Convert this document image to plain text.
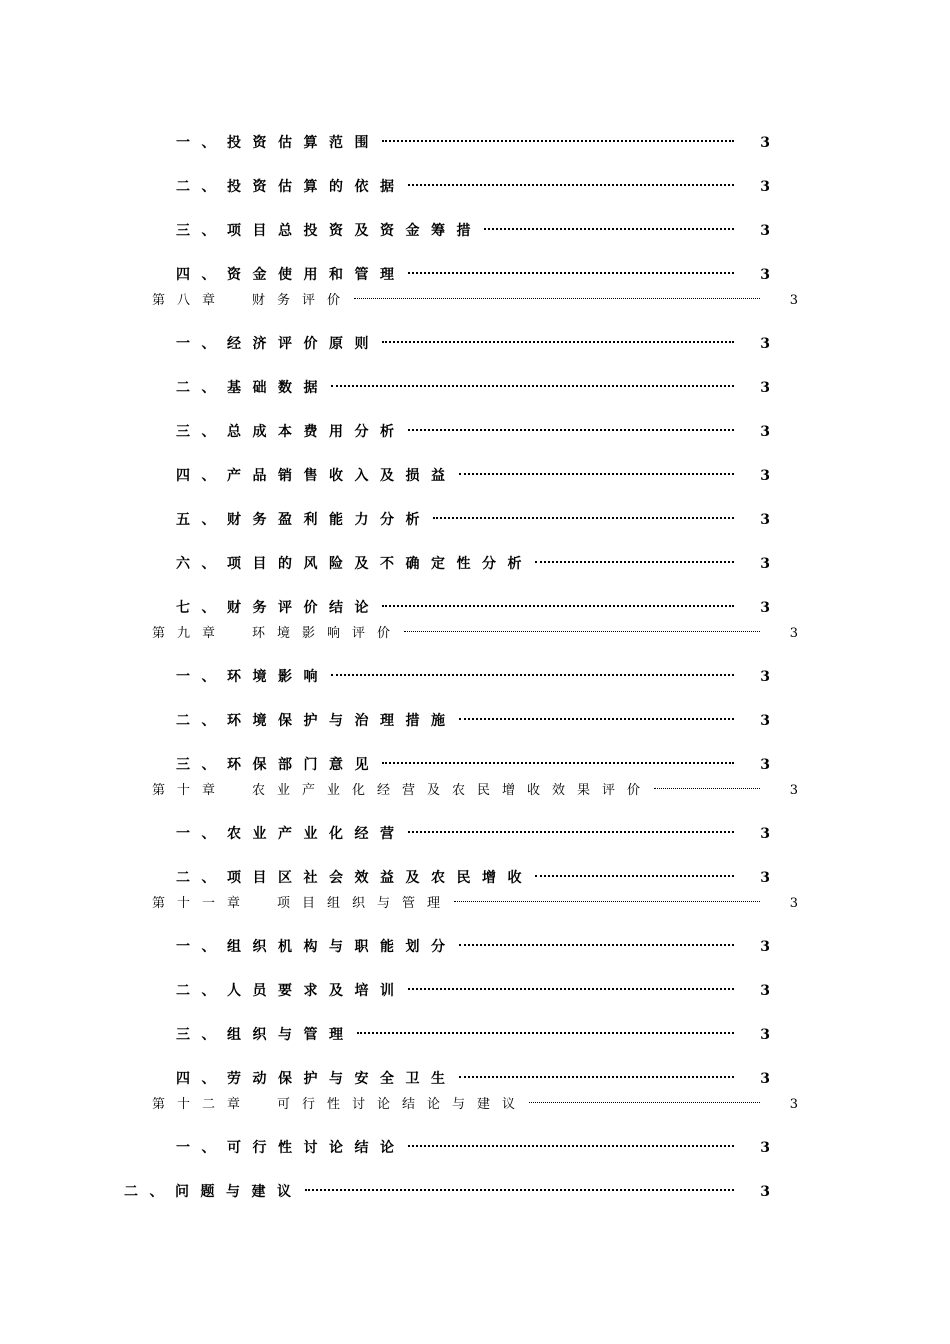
一、投资估算范围	3
二、投资估算的依据	3
三、项目总投资及资金筹措	3
四、资金使用和管理	3
第八章　财务评价	3
一、经济评价原则	3
二、基础数据	3
三、总成本费用分析	3
四、产品销售收入及损益	3
五、财务盈利能力分析	3
六、项目的风险及不确定性分析	3
七、财务评价结论	3
第九章　环境影响评价	3
一、环境影响	3
二、环境保护与治理措施	3
三、环保部门意见	3
第十章　农业产业化经营及农民增收效果评价	3
一、农业产业化经营	3
二、项目区社会效益及农民增收	3
第十一章　项目组织与管理	3
一、组织机构与职能划分	3
二、人员要求及培训	3
三、组织与管理	3
四、劳动保护与安全卫生	3
第十二章　可行性讨论结论与建议	3
一、可行性讨论结论	3
二、问题与建议	3
